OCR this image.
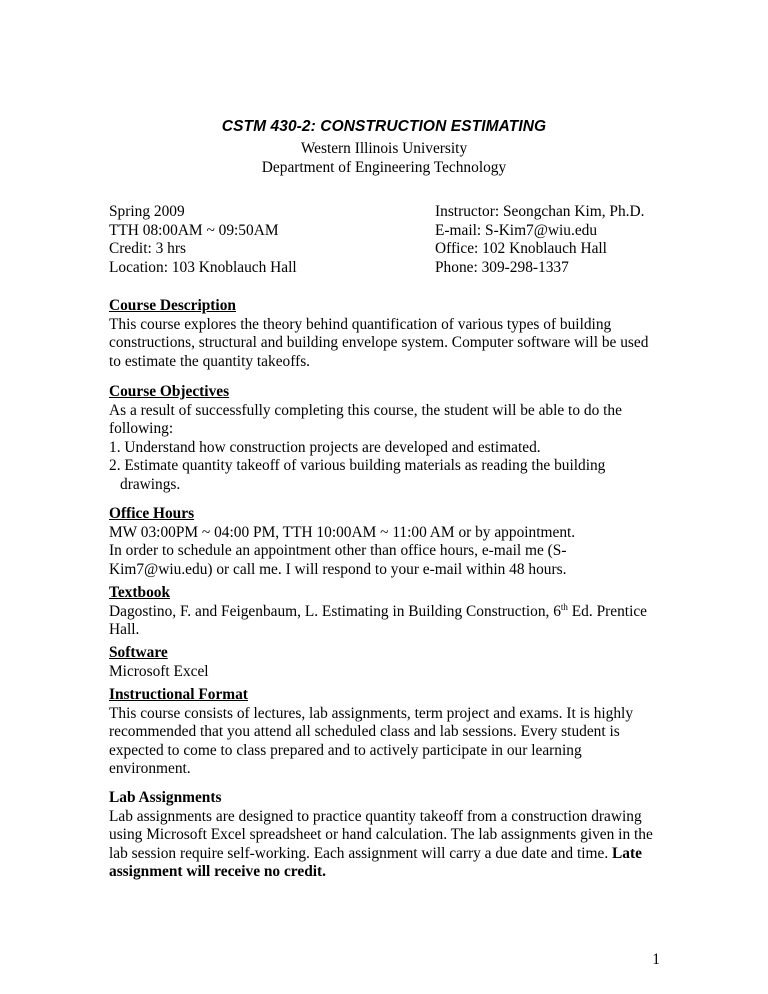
CSTM 430-2: CONSTRUCTION ESTIMATING
Western Illinois University
Department of Engineering Technology
Spring 2009
TTH 08:00AM ~ 09:50AM
Credit: 3 hrs
Location: 103 Knoblauch Hall
Instructor: Seongchan Kim, Ph.D.
E-mail: S-Kim7@wiu.edu
Office: 102 Knoblauch Hall
Phone: 309-298-1337
Course Description
This course explores the theory behind quantification of various types of building
constructions, structural and building envelope system. Computer software will be used
to estimate the quantity takeoffs.
Course Objectives
As a result of successfully completing this course, the student will be able to do the
following:
1. Understand how construction projects are developed and estimated.
2. Estimate quantity takeoff of various building materials as reading the building
drawings.
Office Hours
MW 03:00PM ~ 04:00 PM, TTH 10:00AM ~ 11:00 AM or by appointment.
In order to schedule an appointment other than office hours, e-mail me (S-
Kim7@wiu.edu) or call me. I will respond to your e-mail within 48 hours.
Textbook
Dagostino, F. and Feigenbaum, L. Estimating in Building Construction, 6th Ed. Prentice
Hall.
Software
Microsoft Excel
Instructional Format
This course consists of lectures, lab assignments, term project and exams. It is highly
recommended that you attend all scheduled class and lab sessions. Every student is
expected to come to class prepared and to actively participate in our learning
environment.
Lab Assignments
Lab assignments are designed to practice quantity takeoff from a construction drawing
using Microsoft Excel spreadsheet or hand calculation. The lab assignments given in the
lab session require self-working. Each assignment will carry a due date and time. Late
assignment will receive no credit.
1
